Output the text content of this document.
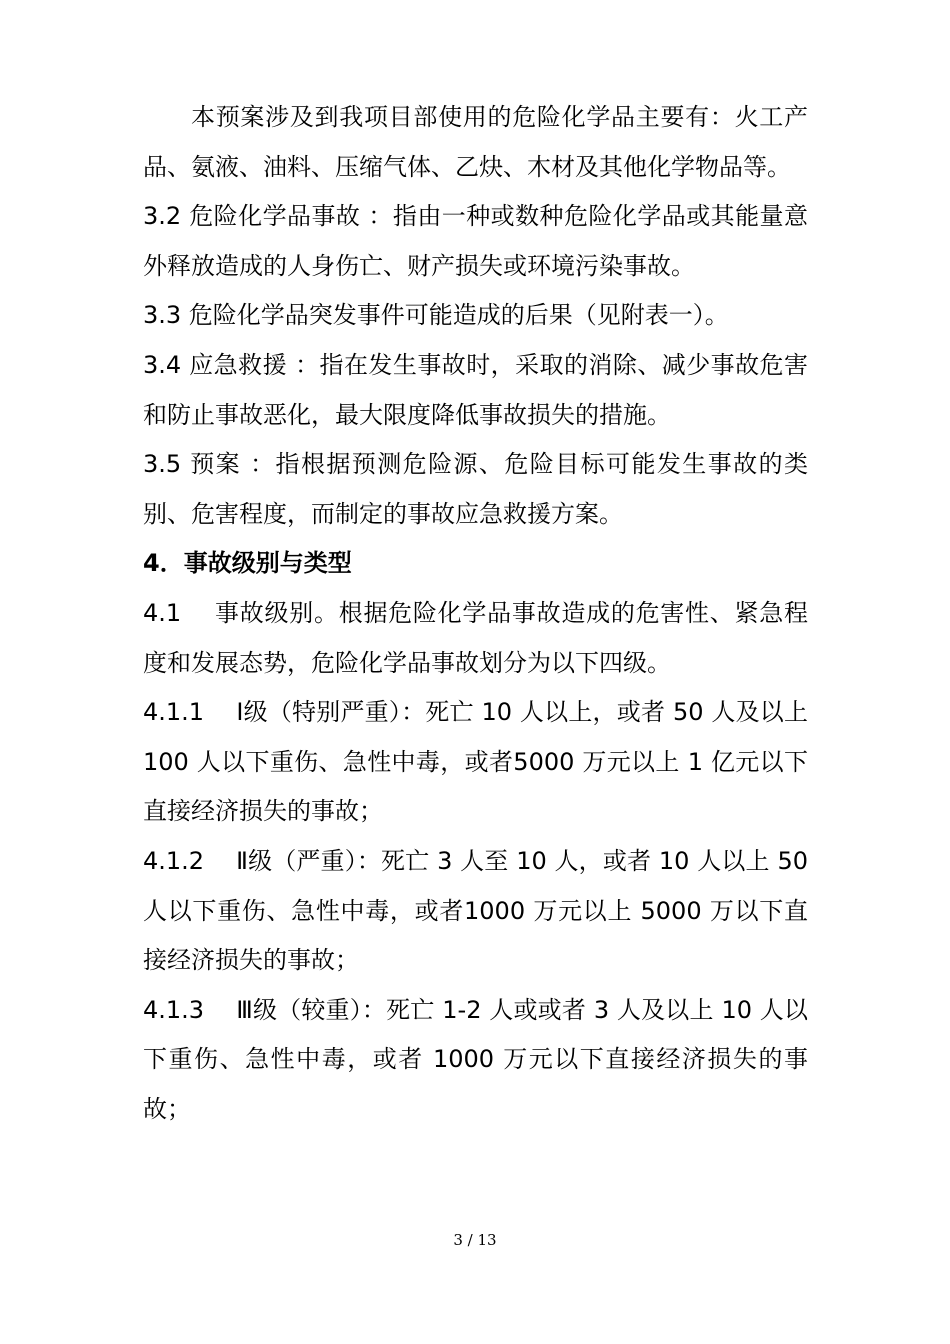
本预案涉及到我项目部使用的危险化学品主要有：火工产品、氨液、油料、压缩气体、乙炔、木材及其他化学物品等。

3.2 危险化学品事故 ：指由一种或数种危险化学品或其能量意外释放造成的人身伤亡、财产损失或环境污染事故。

3.3 危险化学品突发事件可能造成的后果（见附表一）。

3.4 应急救援 ：指在发生事故时，采取的消除、减少事故危害和防止事故恶化，最大限度降低事故损失的措施。

3.5 预案 ：指根据预测危险源、危险目标可能发生事故的类别、危害程度，而制定的事故应急救援方案。

4．事故级别与类型

4.1　 事故级别。根据危险化学品事故造成的危害性、紧急程度和发展态势，危险化学品事故划分为以下四级。

4.1.1　 Ⅰ级（特别严重）：死亡 10 人以上，或者 50 人及以上 100 人以下重伤、急性中毒，或者5000 万元以上 1 亿元以下直接经济损失的事故；

4.1.2　 Ⅱ级（严重）：死亡 3 人至 10 人，或者 10 人以上 50 人以下重伤、急性中毒，或者1000 万元以上 5000 万以下直接经济损失的事故；

4.1.3　 Ⅲ级（较重）：死亡 1-2 人或或者 3 人及以上 10 人以下重伤、急性中毒，或者 1000 万元以下直接经济损失的事故；

3 / 13
